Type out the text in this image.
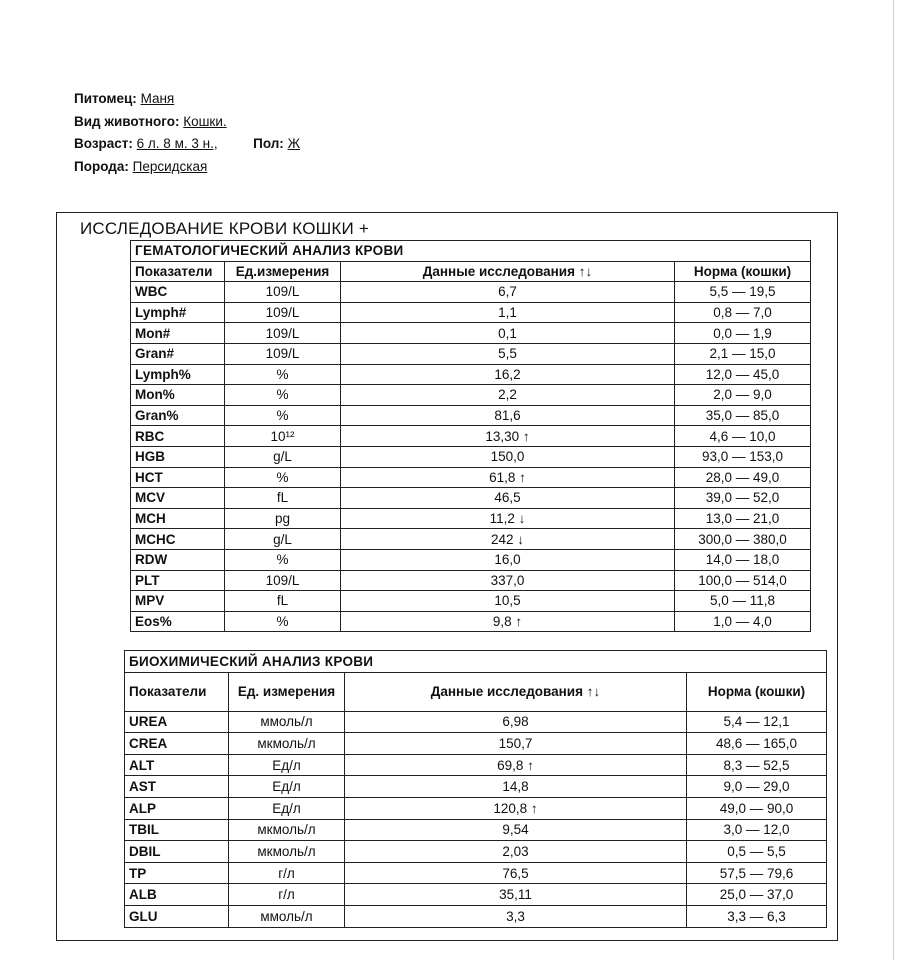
Питомец: Маня
Вид животного: Кошки.
Возраст: 6 л. 8 м. 3 н.,	Пол: Ж
Порода: Персидская
ИССЛЕДОВАНИЕ КРОВИ КОШКИ +
ГЕМАТОЛОГИЧЕСКИЙ АНАЛИЗ КРОВИ			
Показатели	Ед.измерения	Данные исследования ↑↓	Норма (кошки)
WBC	109/L	6,7	5,5 — 19,5
Lymph#	109/L	1,1	0,8 — 7,0
Mon#	109/L	0,1	0,0 — 1,9
Gran#	109/L	5,5	2,1 — 15,0
Lymph%	%	16,2	12,0 — 45,0
Mon%	%	2,2	2,0 — 9,0
Gran%	%	81,6	35,0 — 85,0
RBC	10¹²	13,30 ↑	4,6 — 10,0
HGB	g/L	150,0	93,0 — 153,0
HCT	%	61,8 ↑	28,0 — 49,0
MCV	fL	46,5	39,0 — 52,0
MCH	pg	11,2 ↓	13,0 — 21,0
MCHC	g/L	242 ↓	300,0 — 380,0
RDW	%	16,0	14,0 — 18,0
PLT	109/L	337,0	100,0 — 514,0
MPV	fL	10,5	5,0 — 11,8
Eos%	%	9,8 ↑	1,0 — 4,0
БИОХИМИЧЕСКИЙ АНАЛИЗ КРОВИ			
Показатели	Ед. измерения	Данные исследования ↑↓	Норма (кошки)
UREA	ммоль/л	6,98	5,4 — 12,1
CREA	мкмоль/л	150,7	48,6 — 165,0
ALT	Ед/л	69,8 ↑	8,3 — 52,5
AST	Ед/л	14,8	9,0 — 29,0
ALP	Ед/л	120,8 ↑	49,0 — 90,0
TBIL	мкмоль/л	9,54	3,0 — 12,0
DBIL	мкмоль/л	2,03	0,5 — 5,5
TP	г/л	76,5	57,5 — 79,6
ALB	г/л	35,11	25,0 — 37,0
GLU	ммоль/л	3,3	3,3 — 6,3
